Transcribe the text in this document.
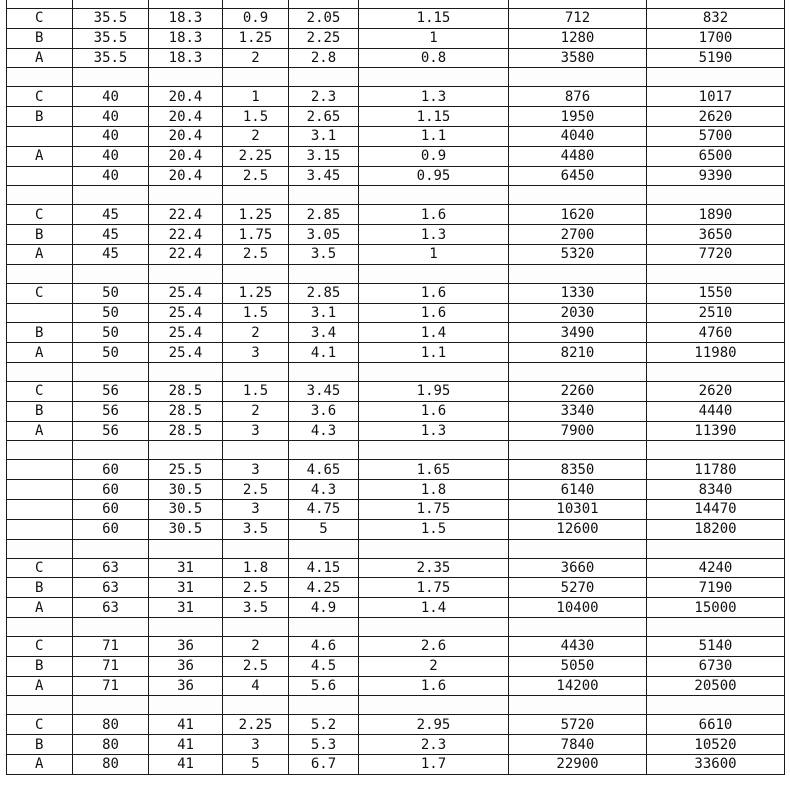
C	35.5	18.3	0.9	2.05	1.15	712	832
B	35.5	18.3	1.25	2.25	1	1280	1700
A	35.5	18.3	2	2.8	0.8	3580	5190

C	40	20.4	1	2.3	1.3	876	1017
B	40	20.4	1.5	2.65	1.15	1950	2620
	40	20.4	2	3.1	1.1	4040	5700
A	40	20.4	2.25	3.15	0.9	4480	6500
	40	20.4	2.5	3.45	0.95	6450	9390

C	45	22.4	1.25	2.85	1.6	1620	1890
B	45	22.4	1.75	3.05	1.3	2700	3650
A	45	22.4	2.5	3.5	1	5320	7720

C	50	25.4	1.25	2.85	1.6	1330	1550
	50	25.4	1.5	3.1	1.6	2030	2510
B	50	25.4	2	3.4	1.4	3490	4760
A	50	25.4	3	4.1	1.1	8210	11980

C	56	28.5	1.5	3.45	1.95	2260	2620
B	56	28.5	2	3.6	1.6	3340	4440
A	56	28.5	3	4.3	1.3	7900	11390

	60	25.5	3	4.65	1.65	8350	11780
	60	30.5	2.5	4.3	1.8	6140	8340
	60	30.5	3	4.75	1.75	10301	14470
	60	30.5	3.5	5	1.5	12600	18200

C	63	31	1.8	4.15	2.35	3660	4240
B	63	31	2.5	4.25	1.75	5270	7190
A	63	31	3.5	4.9	1.4	10400	15000

C	71	36	2	4.6	2.6	4430	5140
B	71	36	2.5	4.5	2	5050	6730
A	71	36	4	5.6	1.6	14200	20500

C	80	41	2.25	5.2	2.95	5720	6610
B	80	41	3	5.3	2.3	7840	10520
A	80	41	5	6.7	1.7	22900	33600
